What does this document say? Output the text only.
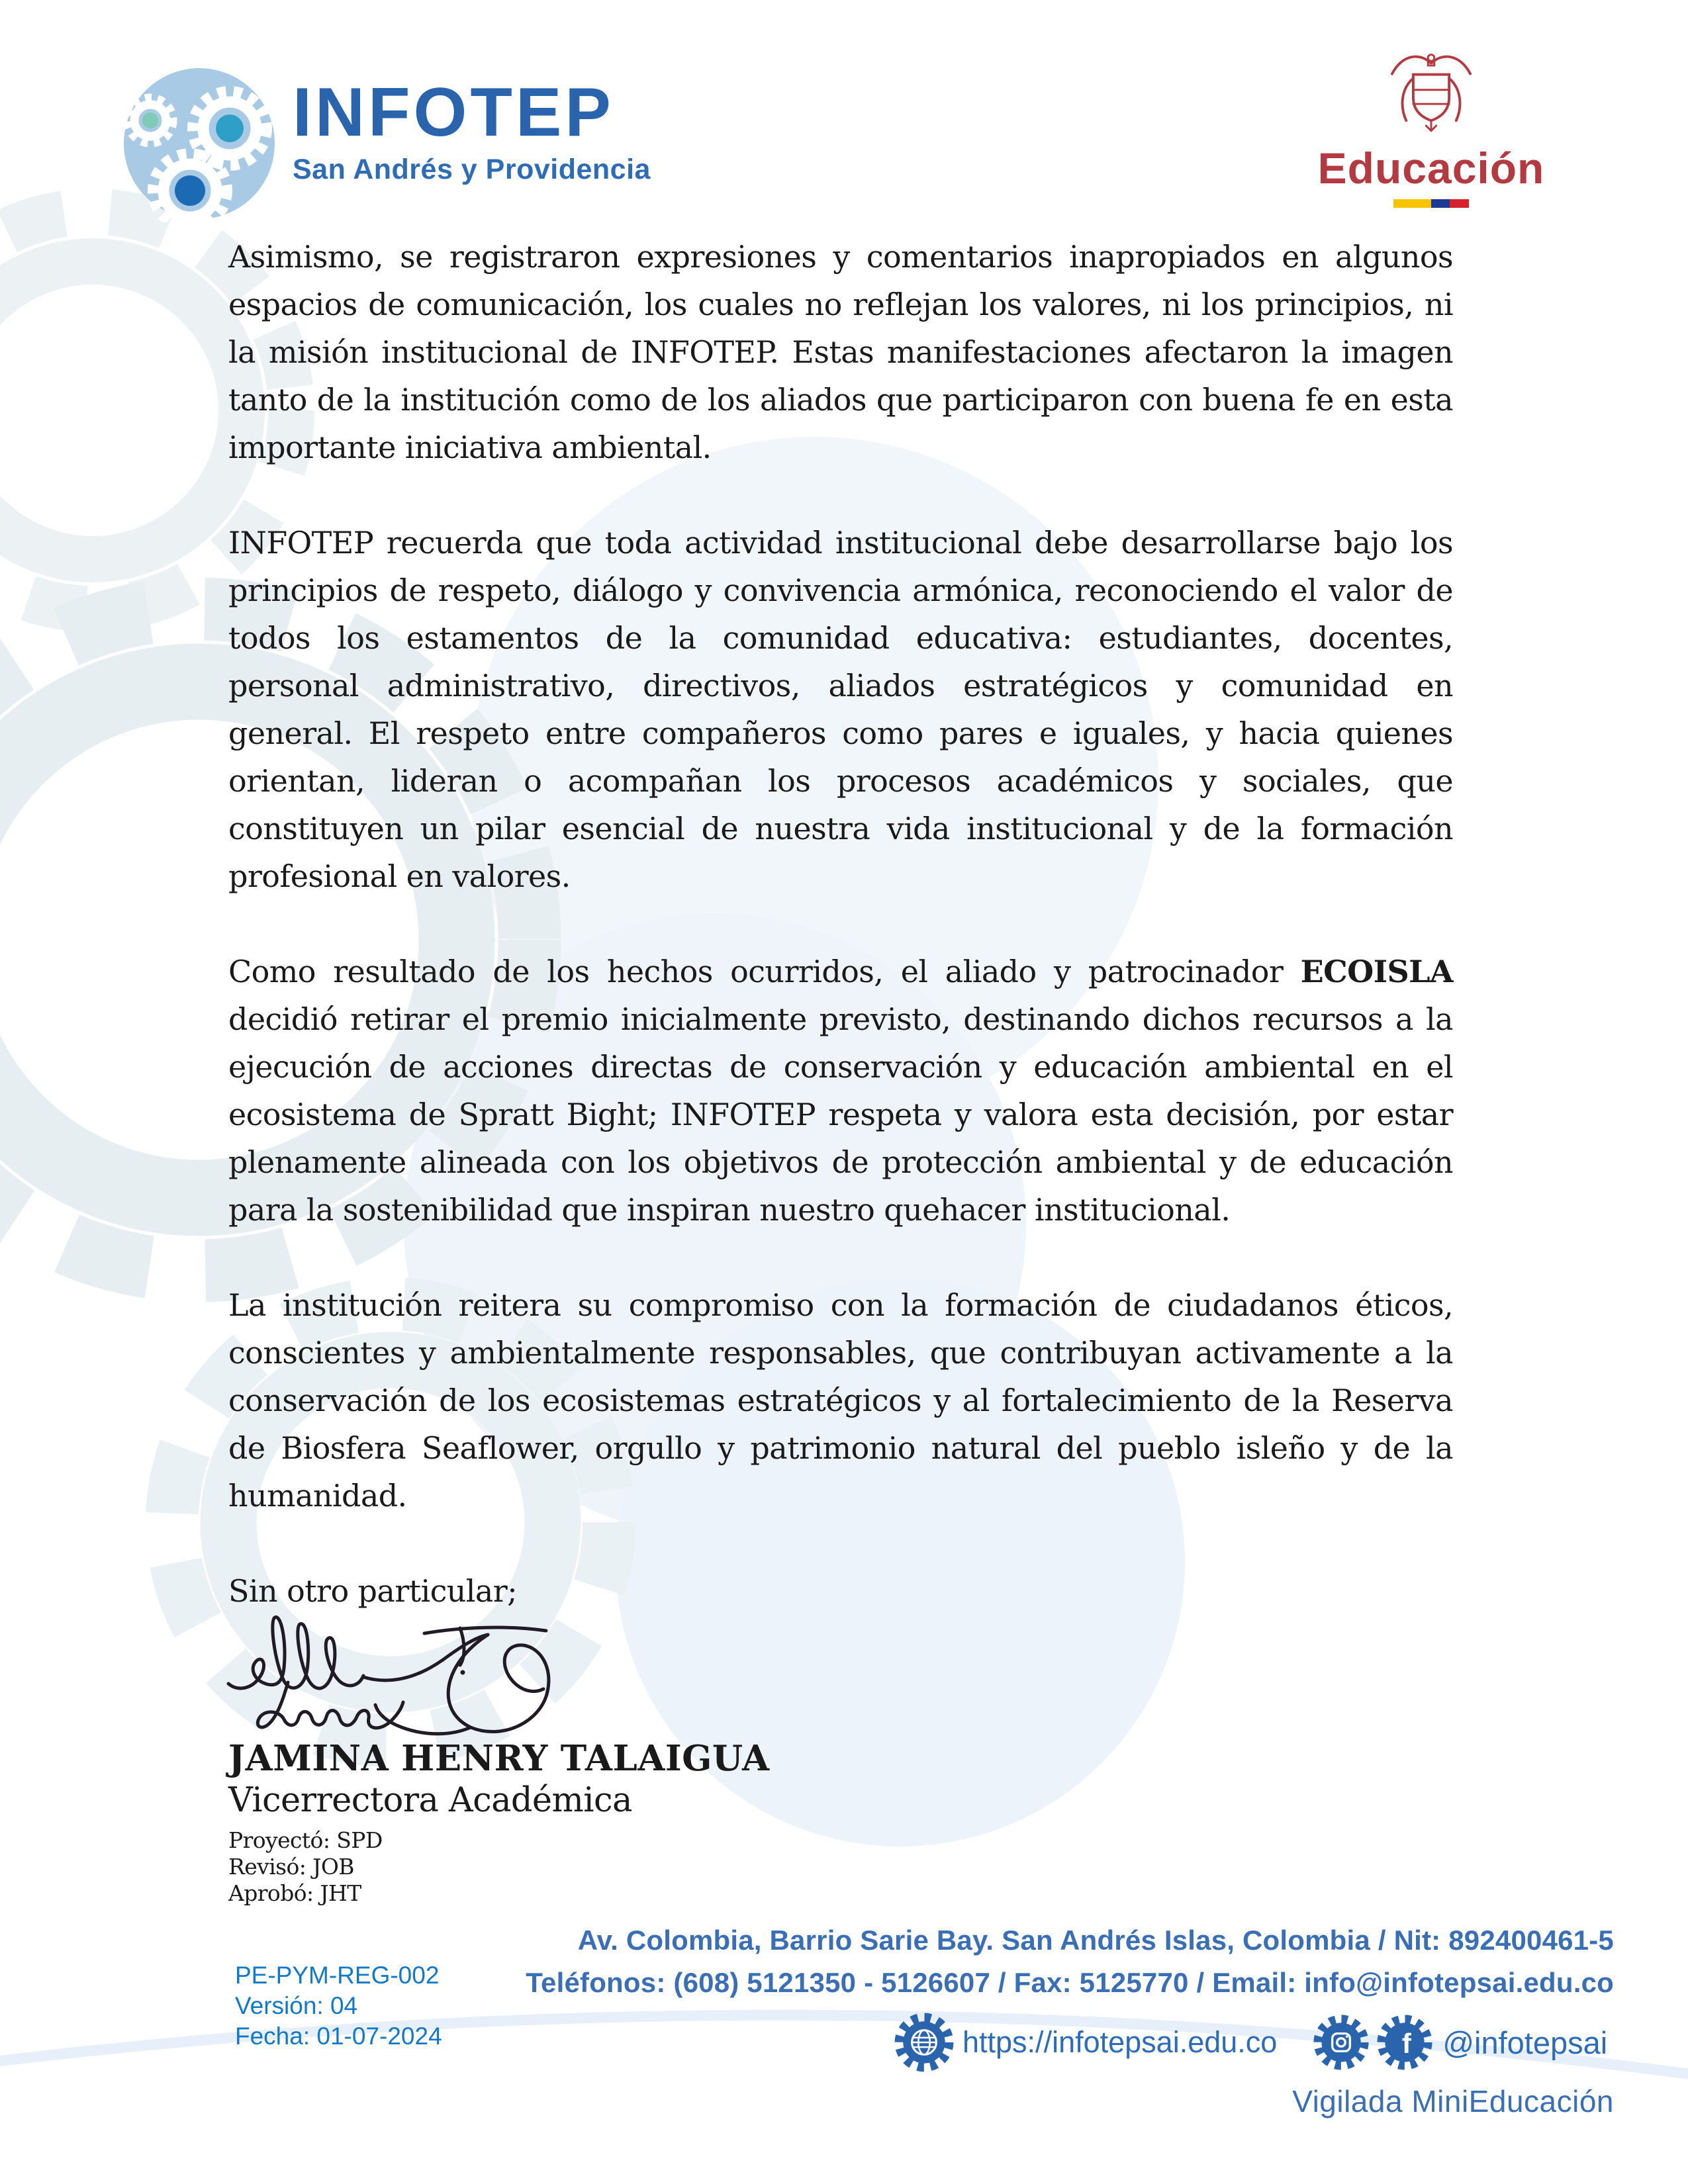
INFOTEP
San Andrés y Providencia	Educación

Asimismo, se registraron expresiones y comentarios inapropiados en algunos espacios de comunicación, los cuales no reflejan los valores, ni los principios, ni la misión institucional de INFOTEP. Estas manifestaciones afectaron la imagen tanto de la institución como de los aliados que participaron con buena fe en esta importante iniciativa ambiental.

INFOTEP recuerda que toda actividad institucional debe desarrollarse bajo los principios de respeto, diálogo y convivencia armónica, reconociendo el valor de todos los estamentos de la comunidad educativa: estudiantes, docentes, personal administrativo, directivos, aliados estratégicos y comunidad en general. El respeto entre compañeros como pares e iguales, y hacia quienes orientan, lideran o acompañan los procesos académicos y sociales, que constituyen un pilar esencial de nuestra vida institucional y de la formación profesional en valores.

Como resultado de los hechos ocurridos, el aliado y patrocinador ECOISLA decidió retirar el premio inicialmente previsto, destinando dichos recursos a la ejecución de acciones directas de conservación y educación ambiental en el ecosistema de Spratt Bight; INFOTEP respeta y valora esta decisión, por estar plenamente alineada con los objetivos de protección ambiental y de educación para la sostenibilidad que inspiran nuestro quehacer institucional.

La institución reitera su compromiso con la formación de ciudadanos éticos, conscientes y ambientalmente responsables, que contribuyan activamente a la conservación de los ecosistemas estratégicos y al fortalecimiento de la Reserva de Biosfera Seaflower, orgullo y patrimonio natural del pueblo isleño y de la humanidad.

Sin otro particular;

JAMINA HENRY TALAIGUA
Vicerrectora Académica
Proyectó: SPD
Revisó: JOB
Aprobó: JHT
PE-PYM-REG-002
Versión: 04
Fecha: 01-07-2024
Av. Colombia, Barrio Sarie Bay. San Andrés Islas, Colombia / Nit: 892400461-5
Teléfonos: (608) 5121350 - 5126607 / Fax: 5125770 / Email: info@infotepsai.edu.co
https://infotepsai.edu.co	f @infotepsai
Vigilada MiniEducación
